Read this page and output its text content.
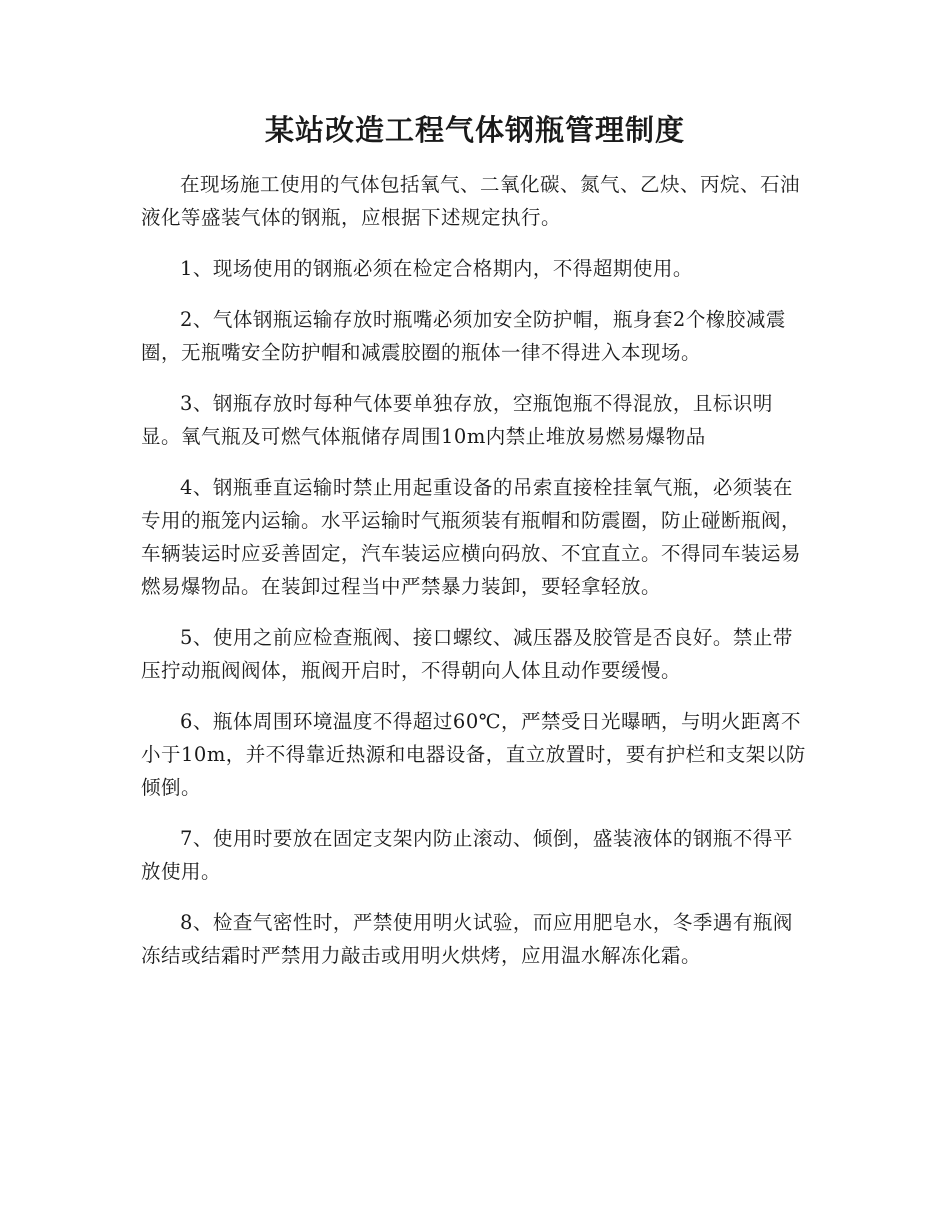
某站改造工程气体钢瓶管理制度

在现场施工使用的气体包括氧气、二氧化碳、氮气、乙炔、丙烷、石油液化等盛装气体的钢瓶，应根据下述规定执行。

1、现场使用的钢瓶必须在检定合格期内，不得超期使用。

2、气体钢瓶运输存放时瓶嘴必须加安全防护帽，瓶身套2个橡胶减震圈，无瓶嘴安全防护帽和减震胶圈的瓶体一律不得进入本现场。

3、钢瓶存放时每种气体要单独存放，空瓶饱瓶不得混放，且标识明显。氧气瓶及可燃气体瓶储存周围10m内禁止堆放易燃易爆物品

4、钢瓶垂直运输时禁止用起重设备的吊索直接栓挂氧气瓶，必须装在专用的瓶笼内运输。水平运输时气瓶须装有瓶帽和防震圈，防止碰断瓶阀，车辆装运时应妥善固定，汽车装运应横向码放、不宜直立。不得同车装运易燃易爆物品。在装卸过程当中严禁暴力装卸，要轻拿轻放。

5、使用之前应检查瓶阀、接口螺纹、减压器及胶管是否良好。禁止带压拧动瓶阀阀体，瓶阀开启时，不得朝向人体且动作要缓慢。

6、瓶体周围环境温度不得超过60℃，严禁受日光曝晒，与明火距离不小于10m，并不得靠近热源和电器设备，直立放置时，要有护栏和支架以防倾倒。

7、使用时要放在固定支架内防止滚动、倾倒，盛装液体的钢瓶不得平放使用。

8、检查气密性时，严禁使用明火试验，而应用肥皂水，冬季遇有瓶阀冻结或结霜时严禁用力敲击或用明火烘烤，应用温水解冻化霜。
